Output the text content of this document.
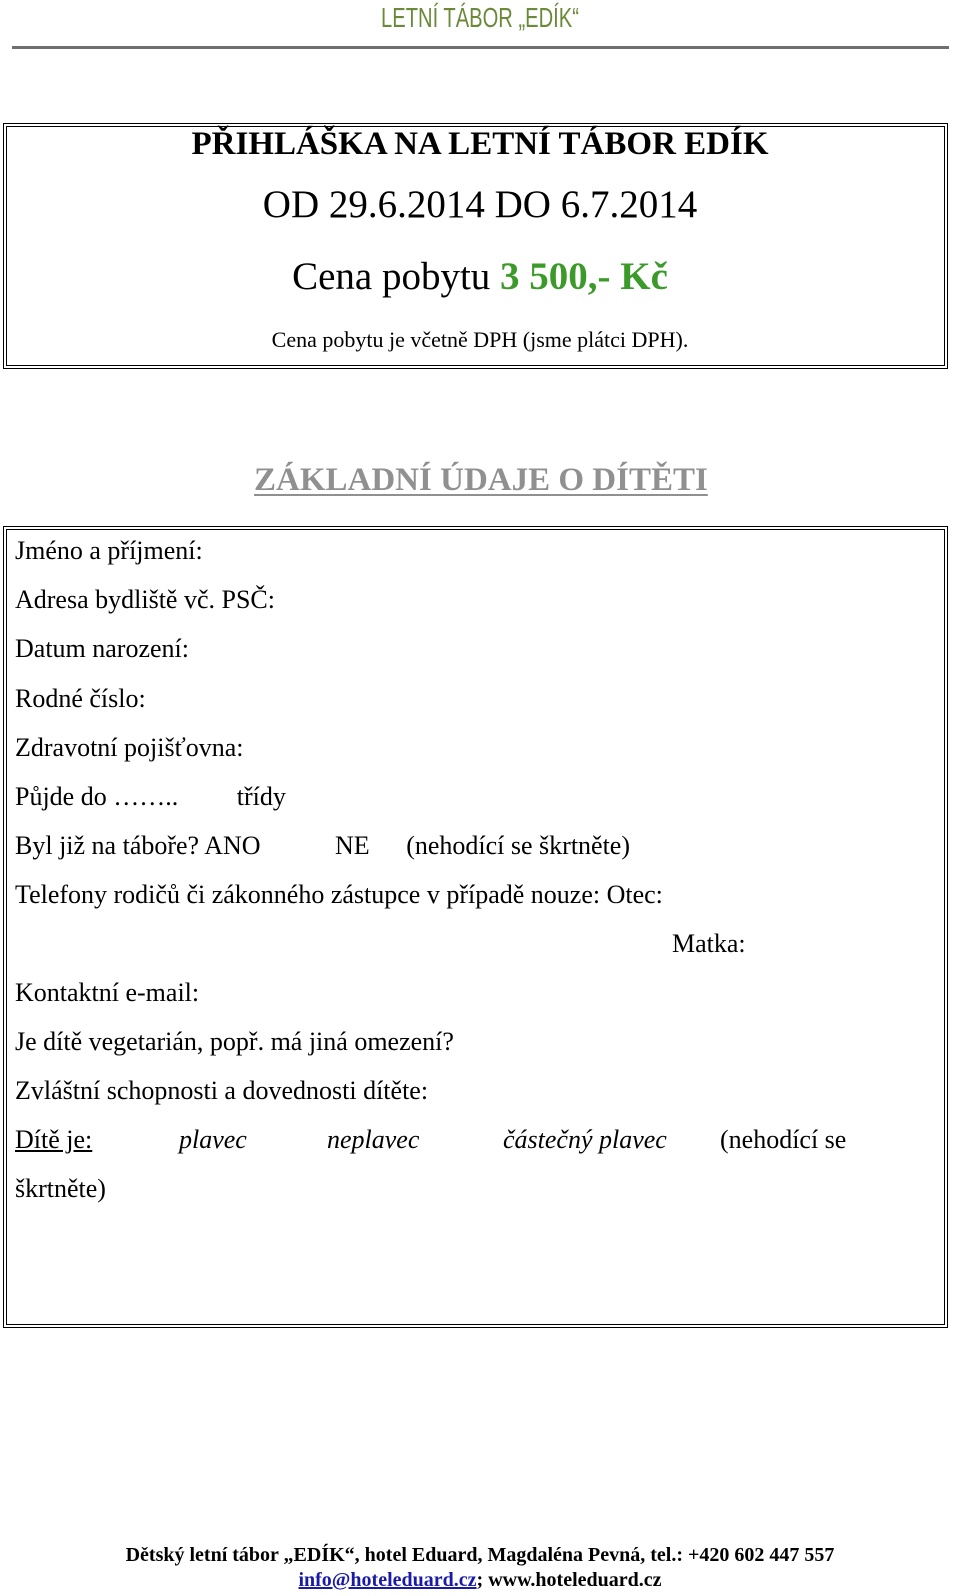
LETNÍ TÁBOR „EDÍK“
PŘIHLÁŠKA NA LETNÍ TÁBOR EDÍK
OD 29.6.2014 DO 6.7.2014
Cena pobytu 3 500,- Kč
Cena pobytu je včetně DPH (jsme plátci DPH).
ZÁKLADNÍ ÚDAJE O DÍTĚTI
Jméno a příjmení:
Adresa bydliště vč. PSČ:
Datum narození:
Rodné číslo:
Zdravotní pojišťovna:
Půjde do …….. třídy
Byl již na táboře? ANO	NE (nehodící se škrtněte)
Telefony rodičů či zákonného zástupce v případě nouze: Otec:
Matka:
Kontaktní e-mail:
Je dítě vegetarián, popř. má jiná omezení?
Zvláštní schopnosti a dovednosti dítěte:
Dítě je:	plavec	neplavec	částečný plavec (nehodící se
škrtněte)
Dětský letní tábor „EDÍK“, hotel Eduard, Magdaléna Pevná, tel.: +420 602 447 557
info@hoteleduard.cz; www.hoteleduard.cz
